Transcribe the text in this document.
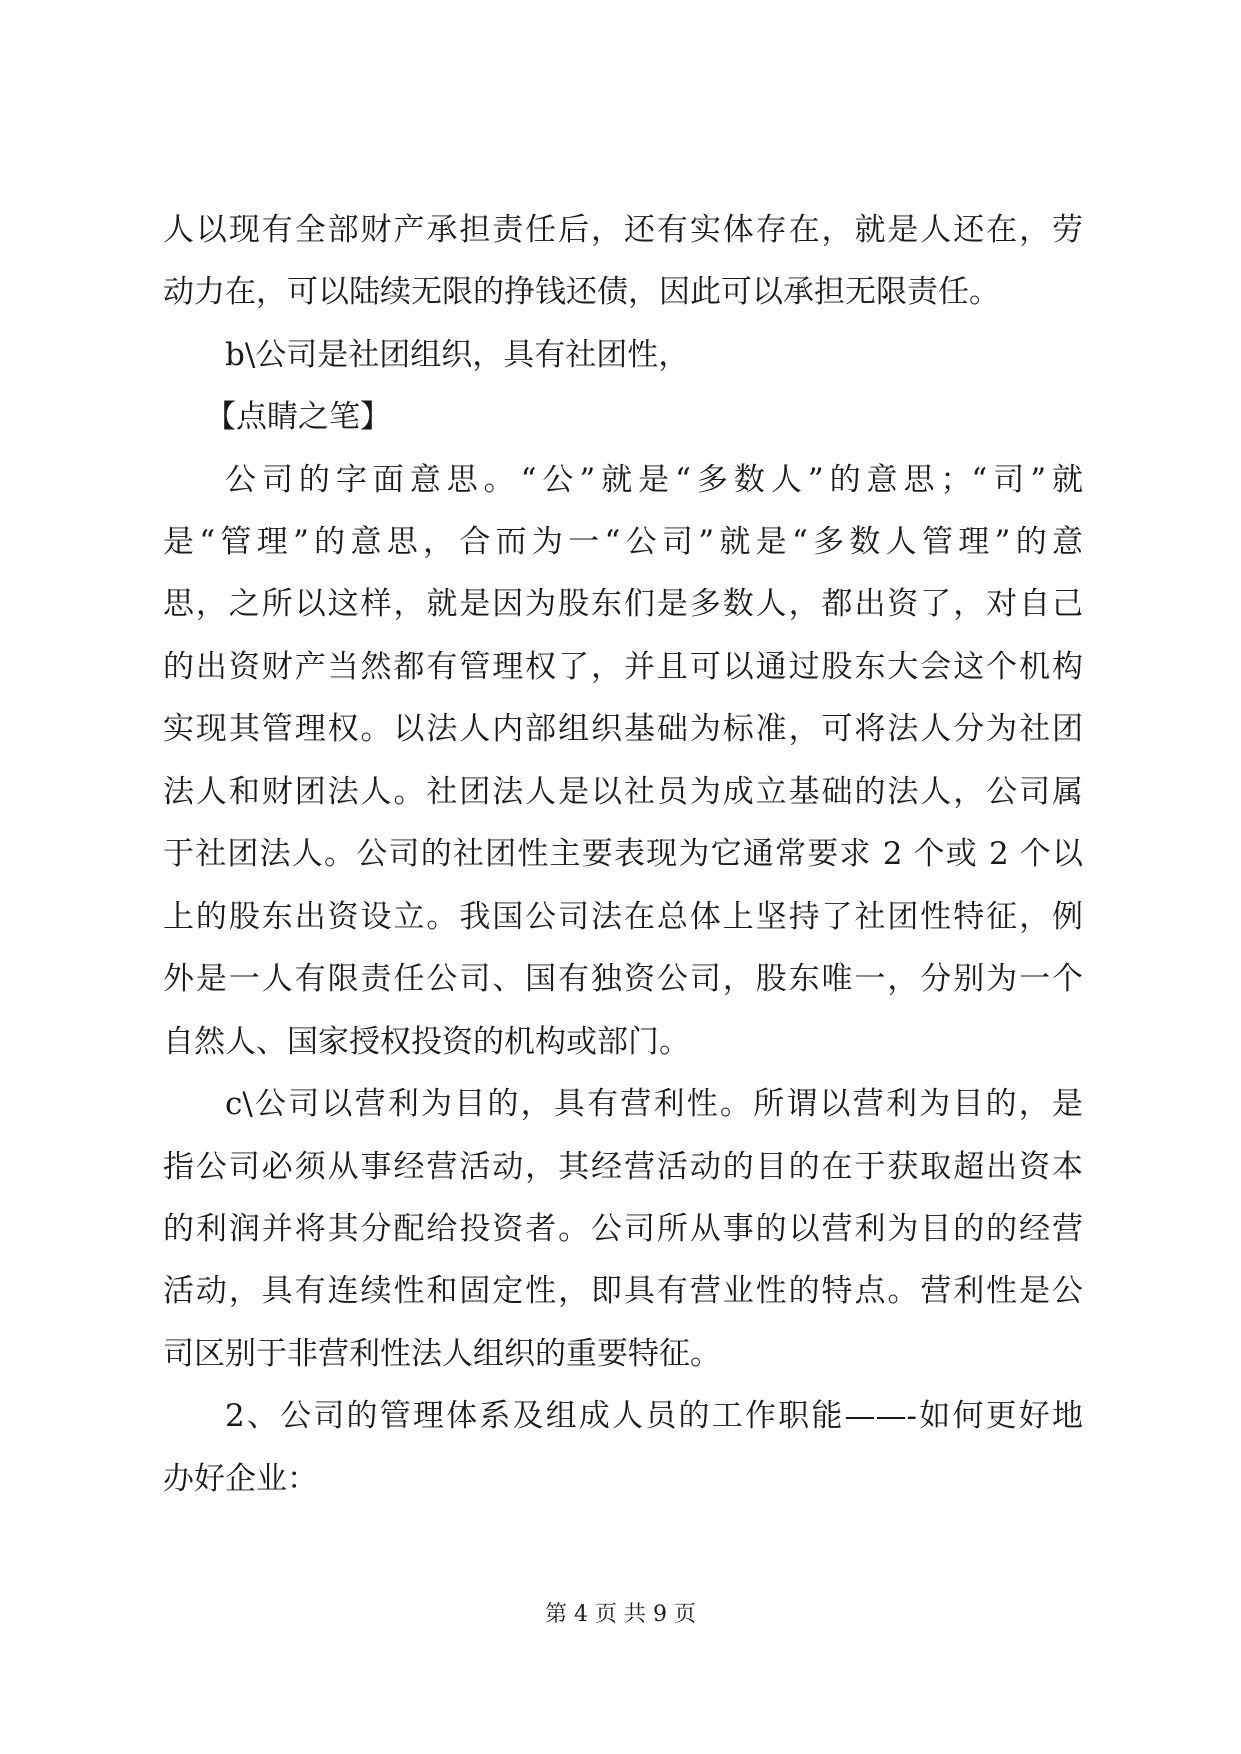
人以现有全部财产承担责任后，还有实体存在，就是人还在，劳
动力在，可以陆续无限的挣钱还债，因此可以承担无限责任。
b\公司是社团组织，具有社团性，
【点睛之笔】
公司的字面意思。“公”就是“多数人”的意思；“司”就
是“管理”的意思，合而为一“公司”就是“多数人管理”的意
思，之所以这样，就是因为股东们是多数人，都出资了，对自己
的出资财产当然都有管理权了，并且可以通过股东大会这个机构
实现其管理权。以法人内部组织基础为标准，可将法人分为社团
法人和财团法人。社团法人是以社员为成立基础的法人，公司属
于社团法人。公司的社团性主要表现为它通常要求 2 个或 2 个以
上的股东出资设立。我国公司法在总体上坚持了社团性特征，例
外是一人有限责任公司、国有独资公司，股东唯一，分别为一个
自然人、国家授权投资的机构或部门。
c\公司以营利为目的，具有营利性。所谓以营利为目的，是
指公司必须从事经营活动，其经营活动的目的在于获取超出资本
的利润并将其分配给投资者。公司所从事的以营利为目的的经营
活动，具有连续性和固定性，即具有营业性的特点。营利性是公
司区别于非营利性法人组织的重要特征。
2、公司的管理体系及组成人员的工作职能——-如何更好地
办好企业：
第 4 页 共 9 页
